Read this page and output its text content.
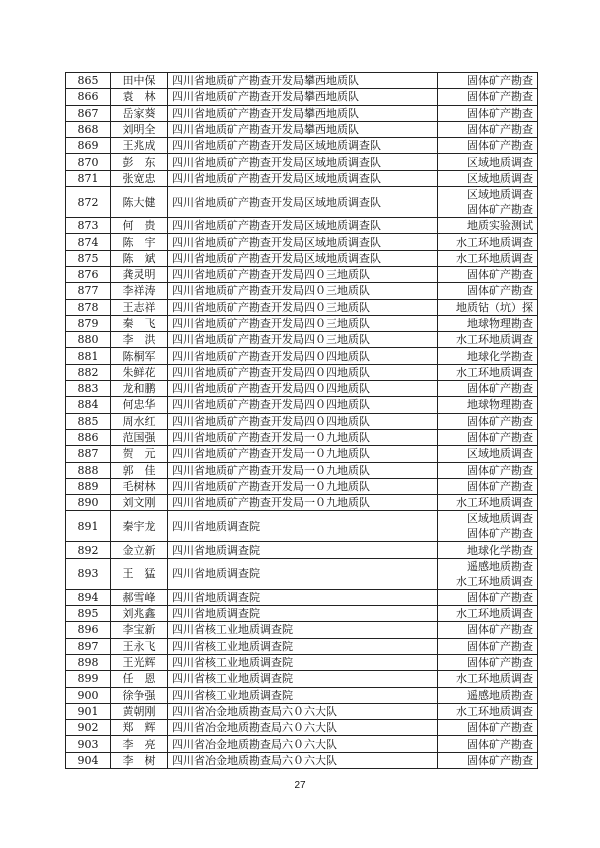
865	田中保	四川省地质矿产勘查开发局攀西地质队	固体矿产勘查

866	袁　林	四川省地质矿产勘查开发局攀西地质队	固体矿产勘查

867	岳家葵	四川省地质矿产勘查开发局攀西地质队	固体矿产勘查

868	刘明全	四川省地质矿产勘查开发局攀西地质队	固体矿产勘查

869	王兆成	四川省地质矿产勘查开发局区域地质调查队	固体矿产勘查

870	彭　东	四川省地质矿产勘查开发局区域地质调查队	区域地质调查

871	张宽忠	四川省地质矿产勘查开发局区域地质调查队	区域地质调查

872	陈大健	四川省地质矿产勘查开发局区域地质调查队	区域地质调查
固体矿产勘查

873	何　贵	四川省地质矿产勘查开发局区域地质调查队	地质实验测试

874	陈　宇	四川省地质矿产勘查开发局区域地质调查队	水工环地质调查

875	陈　斌	四川省地质矿产勘查开发局区域地质调查队	水工环地质调查

876	龚灵明	四川省地质矿产勘查开发局四０三地质队	固体矿产勘查

877	李祥涛	四川省地质矿产勘查开发局四０三地质队	固体矿产勘查

878	王志祥	四川省地质矿产勘查开发局四０三地质队	地质钻（坑）探

879	秦　飞	四川省地质矿产勘查开发局四０三地质队	地球物理勘查

880	李　洪	四川省地质矿产勘查开发局四０三地质队	水工环地质调查

881	陈桐军	四川省地质矿产勘查开发局四０四地质队	地球化学勘查

882	朱鲜花	四川省地质矿产勘查开发局四０四地质队	水工环地质调查

883	龙和鹏	四川省地质矿产勘查开发局四０四地质队	固体矿产勘查

884	何忠华	四川省地质矿产勘查开发局四０四地质队	地球物理勘查

885	周水红	四川省地质矿产勘查开发局四０四地质队	固体矿产勘查

886	范国强	四川省地质矿产勘查开发局一０九地质队	固体矿产勘查

887	贺　元	四川省地质矿产勘查开发局一０九地质队	区域地质调查

888	郭　佳	四川省地质矿产勘查开发局一０九地质队	固体矿产勘查

889	毛树林	四川省地质矿产勘查开发局一０九地质队	固体矿产勘查

890	刘文刚	四川省地质矿产勘查开发局一０九地质队	水工环地质调查

891	秦宇龙	四川省地质调查院	区域地质调查
固体矿产勘查

892	金立新	四川省地质调查院	地球化学勘查

893	王　猛	四川省地质调查院	遥感地质勘查
水工环地质调查

894	郝雪峰	四川省地质调查院	固体矿产勘查

895	刘兆鑫	四川省地质调查院	水工环地质调查

896	李宝新	四川省核工业地质调查院	固体矿产勘查

897	王永飞	四川省核工业地质调查院	固体矿产勘查

898	王光辉	四川省核工业地质调查院	固体矿产勘查

899	任　恩	四川省核工业地质调查院	水工环地质调查

900	徐争强	四川省核工业地质调查院	遥感地质勘查

901	黄朝刚	四川省冶金地质勘查局六０六大队	水工环地质调查

902	郑　辉	四川省冶金地质勘查局六０六大队	固体矿产勘查

903	李　亮	四川省冶金地质勘查局六０六大队	固体矿产勘查

904	李　树	四川省冶金地质勘查局六０六大队	固体矿产勘查
27
